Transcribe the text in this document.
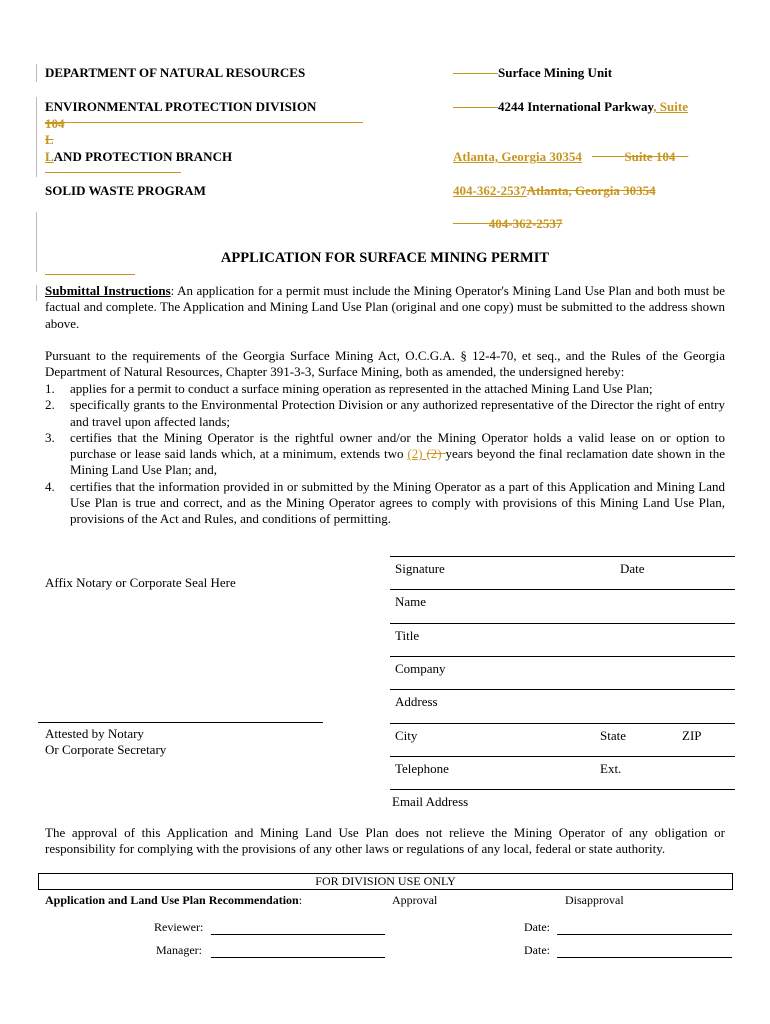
DEPARTMENT OF NATURAL RESOURCES
ENVIRONMENTAL PROTECTION DIVISION
104
L
LAND PROTECTION BRANCH
SOLID WASTE PROGRAM
Surface Mining Unit
4244 International Parkway, Suite
Atlanta, Georgia 30354	Suite 104
404-362-2537Atlanta, Georgia 30354
404-362-2537
APPLICATION FOR SURFACE MINING PERMIT
Submittal Instructions: An application for a permit must include the Mining Operator's Mining Land Use Plan and both must be factual and complete. The Application and Mining Land Use Plan (original and one copy) must be submitted to the address shown above.
Pursuant to the requirements of the Georgia Surface Mining Act, O.C.G.A. § 12-4-70, et seq., and the Rules of the Georgia Department of Natural Resources, Chapter 391-3-3, Surface Mining, both as amended, the undersigned hereby:
1. applies for a permit to conduct a surface mining operation as represented in the attached Mining Land Use Plan;
2. specifically grants to the Environmental Protection Division or any authorized representative of the Director the right of entry and travel upon affected lands;
3. certifies that the Mining Operator is the rightful owner and/or the Mining Operator holds a valid lease on or option to purchase or lease said lands which, at a minimum, extends two (2) (2) years beyond the final reclamation date shown in the Mining Land Use Plan; and,
4. certifies that the information provided in or submitted by the Mining Operator as a part of this Application and Mining Land Use Plan is true and correct, and as the Mining Operator agrees to comply with provisions of this Mining Land Use Plan, provisions of the Act and Rules, and conditions of permitting.
Affix Notary or Corporate Seal Here
Attested by Notary
Or Corporate Secretary
Signature	Date
Name
Title
Company
Address
City	State	ZIP
Telephone	Ext.
Email Address
The approval of this Application and Mining Land Use Plan does not relieve the Mining Operator of any obligation or responsibility for complying with the provisions of any other laws or regulations of any local, federal or state authority.
FOR DIVISION USE ONLY
Application and Land Use Plan Recommendation:	Approval	Disapproval
Reviewer:	Date:
Manager:	Date:
